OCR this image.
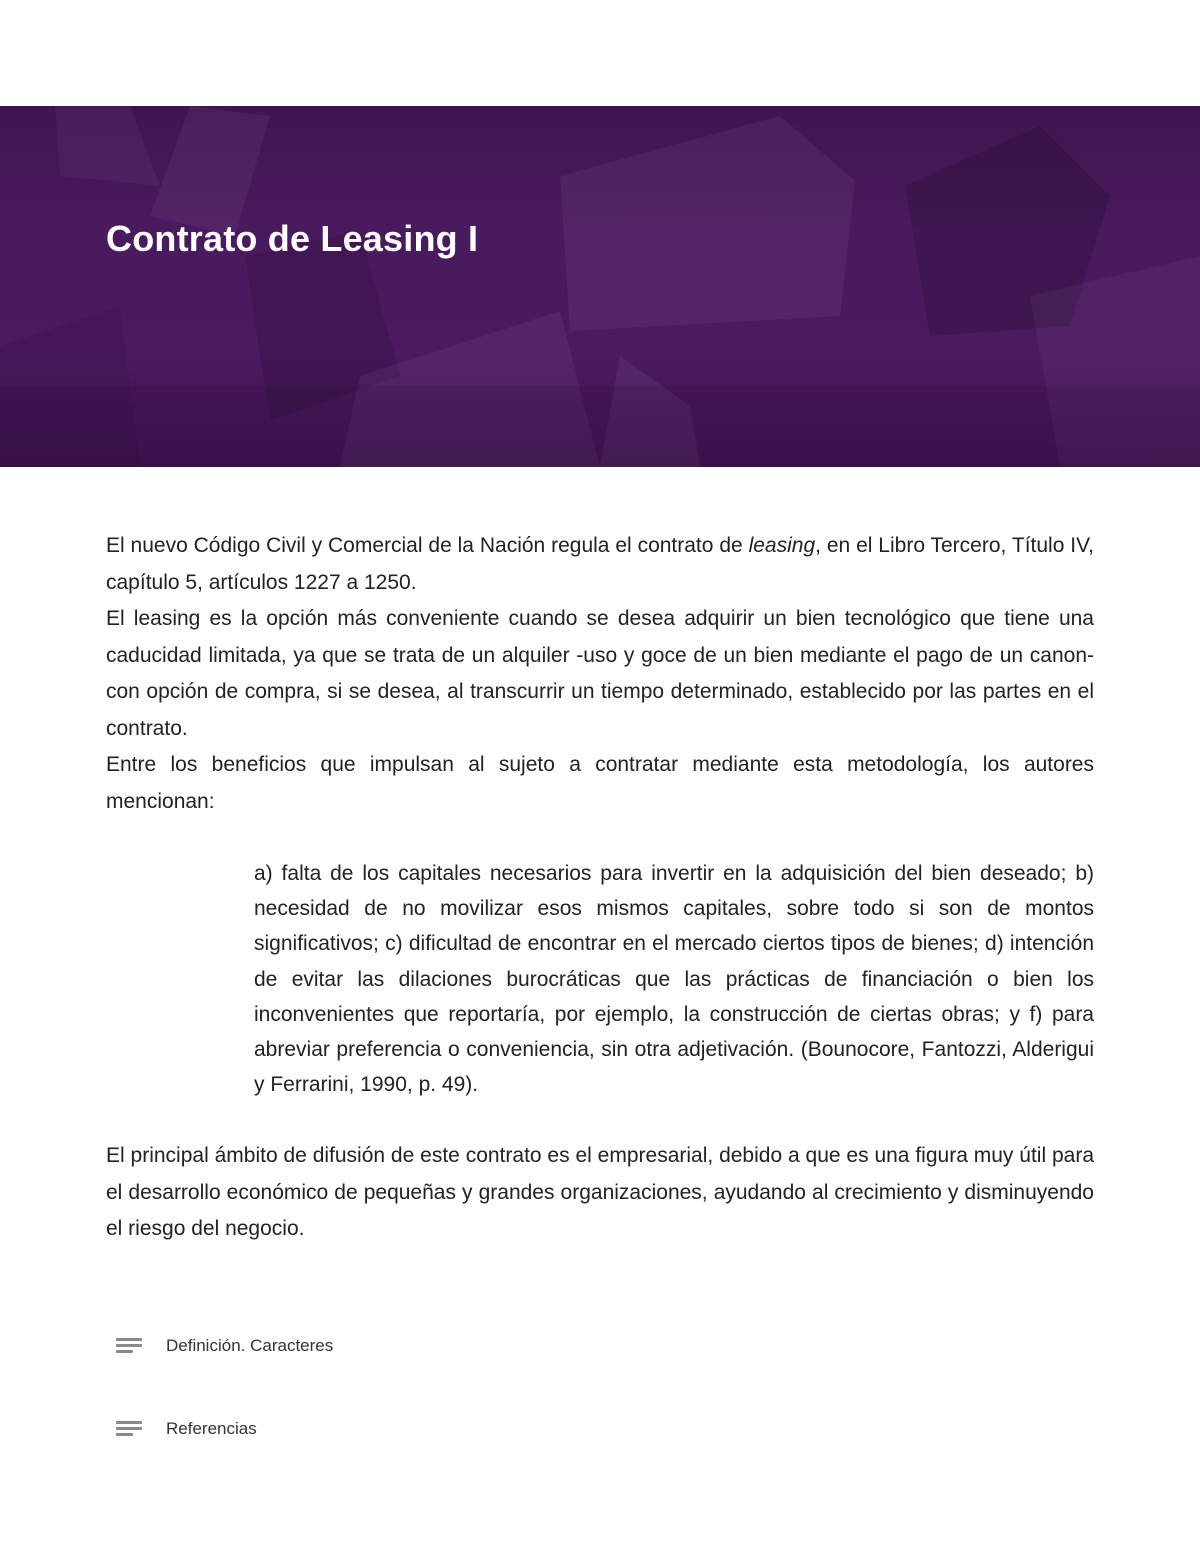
Contrato de Leasing I

El nuevo Código Civil y Comercial de la Nación regula el contrato de leasing, en el Libro Tercero, Título IV, capítulo 5, artículos 1227 a 1250.

El leasing es la opción más conveniente cuando se desea adquirir un bien tecnológico que tiene una caducidad limitada, ya que se trata de un alquiler -uso y goce de un bien mediante el pago de un canon- con opción de compra, si se desea, al transcurrir un tiempo determinado, establecido por las partes en el contrato.

Entre los beneficios que impulsan al sujeto a contratar mediante esta metodología, los autores mencionan:

a) falta de los capitales necesarios para invertir en la adquisición del bien deseado; b) necesidad de no movilizar esos mismos capitales, sobre todo si son de montos significativos; c) dificultad de encontrar en el mercado ciertos tipos de bienes; d) intención de evitar las dilaciones burocráticas que las prácticas de financiación o bien los inconvenientes que reportaría, por ejemplo, la construcción de ciertas obras; y f) para abreviar preferencia o conveniencia, sin otra adjetivación. (Bounocore, Fantozzi, Alderigui y Ferrarini, 1990, p. 49).

El principal ámbito de difusión de este contrato es el empresarial, debido a que es una figura muy útil para el desarrollo económico de pequeñas y grandes organizaciones, ayudando al crecimiento y disminuyendo el riesgo del negocio.

Definición. Caracteres
Referencias
